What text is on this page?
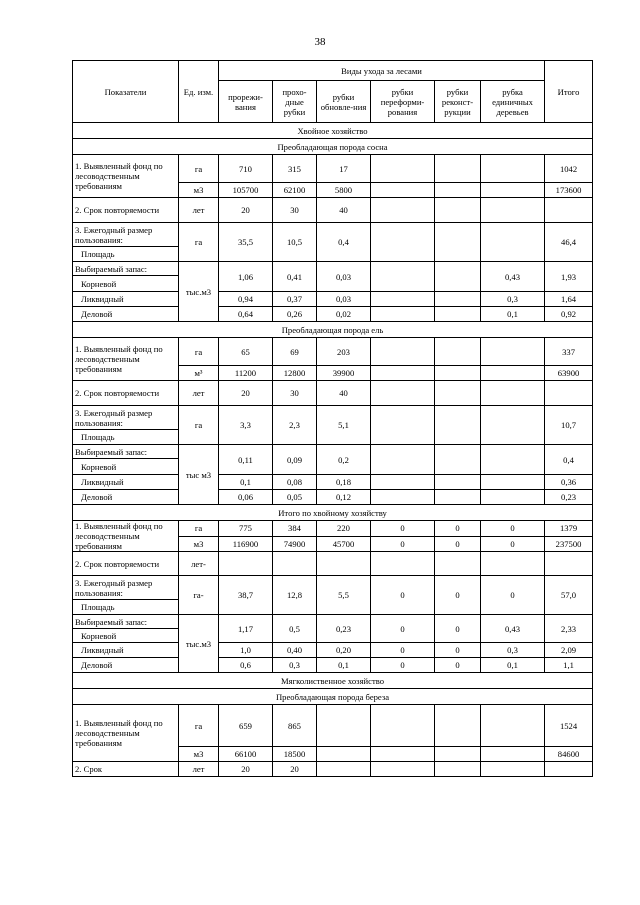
38
Показатели	Ед. изм.	Виды ухода за лесами						Итого
		прорежи-вания	прохо-дные рубки	рубки обновле-ния	рубки переформи-рования	рубки реконст-рукции	рубка единичных деревьев	
Хвойное хозяйство								
Преобладающая порода сосна								
1. Выявленный фонд по лесоводственным требованиям	га	710	315	17				1042
	м3	105700	62100	5800				173600
2. Срок повторяемости	лет	20	30	40				
3. Ежегодный размер пользования:	га	35,5	10,5	0,4				46,4
Площадь								
Выбираемый запас:	тыс.м3	1,06	0,41	0,03			0,43	1,93
Корневой								
Ликвидный		0,94	0,37	0,03			0,3	1,64
Деловой		0,64	0,26	0,02			0,1	0,92
Преобладающая порода ель								
1. Выявленный фонд по лесоводственным требованиям	га	65	69	203				337
	м³	11200	12800	39900				63900
2. Срок повторяемости	лет	20	30	40				
3. Ежегодный размер пользования:	га	3,3	2,3	5,1				10,7
Площадь								
Выбираемый запас:	тыс м3	0,11	0,09	0,2				0,4
Корневой								
Ликвидный		0,1	0,08	0,18				0,36
Деловой		0,06	0,05	0,12				0,23
Итого по хвойному хозяйству								
1. Выявленный фонд по лесоводственным требованиям	га	775	384	220	0	0	0	1379
	м3	116900	74900	45700	0	0	0	237500
2. Срок повторяемости	лет-							
3. Ежегодный размер пользования:	га-	38,7	12,8	5,5	0	0	0	57,0
Площадь								
Выбираемый запас:	тыс.м3	1,17	0,5	0,23	0	0	0,43	2,33
Корневой								
Ликвидный		1,0	0,40	0,20	0	0	0,3	2,09
Деловой		0,6	0,3	0,1	0	0	0,1	1,1
Мягколиственное хозяйство								
Преобладающая порода береза								
1. Выявленный фонд по лесоводственным требованиям	га	659	865					1524
	м3	66100	18500					84600
2. Срок	лет	20	20					
